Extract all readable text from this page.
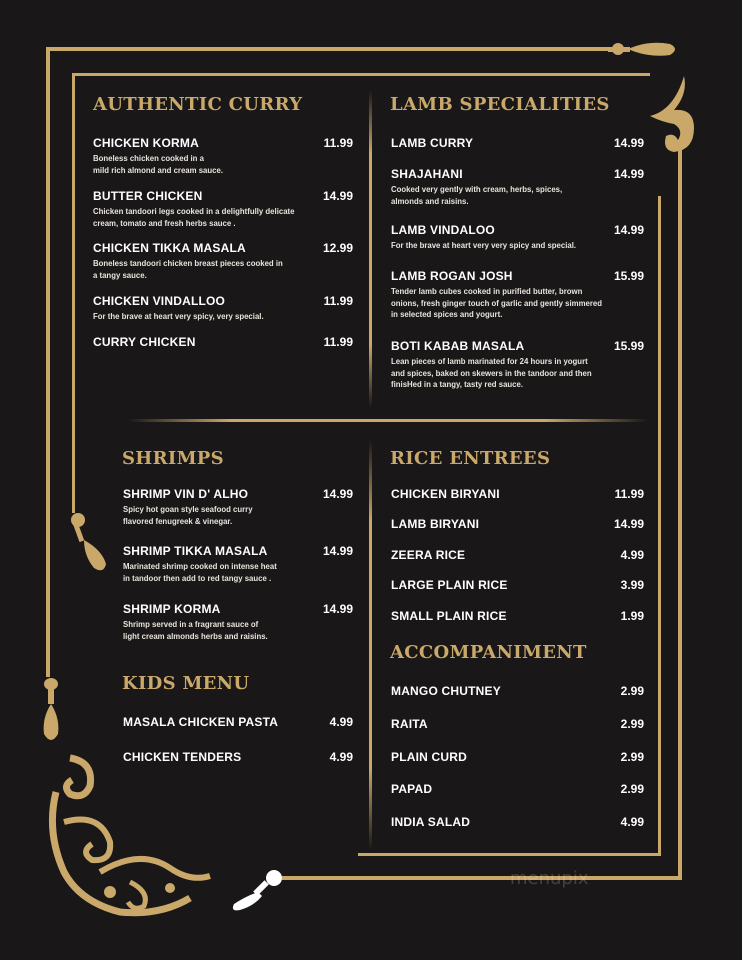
AUTHENTIC CURRY
CHICKEN KORMA	11.99
Boneless chicken cooked in a
mild rich almond and cream sauce.
BUTTER CHICKEN	14.99
Chicken tandoori legs cooked in a delightfully delicate
cream, tomato and fresh herbs sauce .
CHICKEN TIKKA MASALA	12.99
Boneless tandoori chicken breast pieces cooked in
a tangy sauce.
CHICKEN VINDALLOO	11.99
For the brave at heart very spicy, very special.
CURRY CHICKEN	11.99
LAMB SPECIALITIES
LAMB CURRY	14.99
SHAJAHANI	14.99
Cooked very gently with cream, herbs, spices,
almonds and raisins.
LAMB VINDALOO	14.99
For the brave at heart very very spicy and special.
LAMB ROGAN JOSH	15.99
Tender lamb cubes cooked in purified butter, brown
onions, fresh ginger touch of garlic and gently simmered
in selected spices and yogurt.
BOTI KABAB MASALA	15.99
Lean pieces of lamb marinated for 24 hours in yogurt
and spices, baked on skewers in the tandoor and then
finisHed in a tangy, tasty red sauce.
SHRIMPS
SHRIMP VIN D' ALHO	14.99
Spicy hot goan style seafood curry
flavored fenugreek & vinegar.
SHRIMP TIKKA MASALA	14.99
Marinated shrimp cooked on intense heat
in tandoor then add to red tangy sauce .
SHRIMP KORMA	14.99
Shrimp served in a fragrant sauce of
light cream almonds herbs and raisins.
KIDS MENU
MASALA CHICKEN PASTA	4.99
CHICKEN TENDERS	4.99
RICE ENTREES
CHICKEN BIRYANI	11.99
LAMB BIRYANI	14.99
ZEERA RICE	4.99
LARGE PLAIN RICE	3.99
SMALL PLAIN RICE	1.99
ACCOMPANIMENT
MANGO CHUTNEY	2.99
RAITA	2.99
PLAIN CURD	2.99
PAPAD	2.99
INDIA SALAD	4.99
menupix
